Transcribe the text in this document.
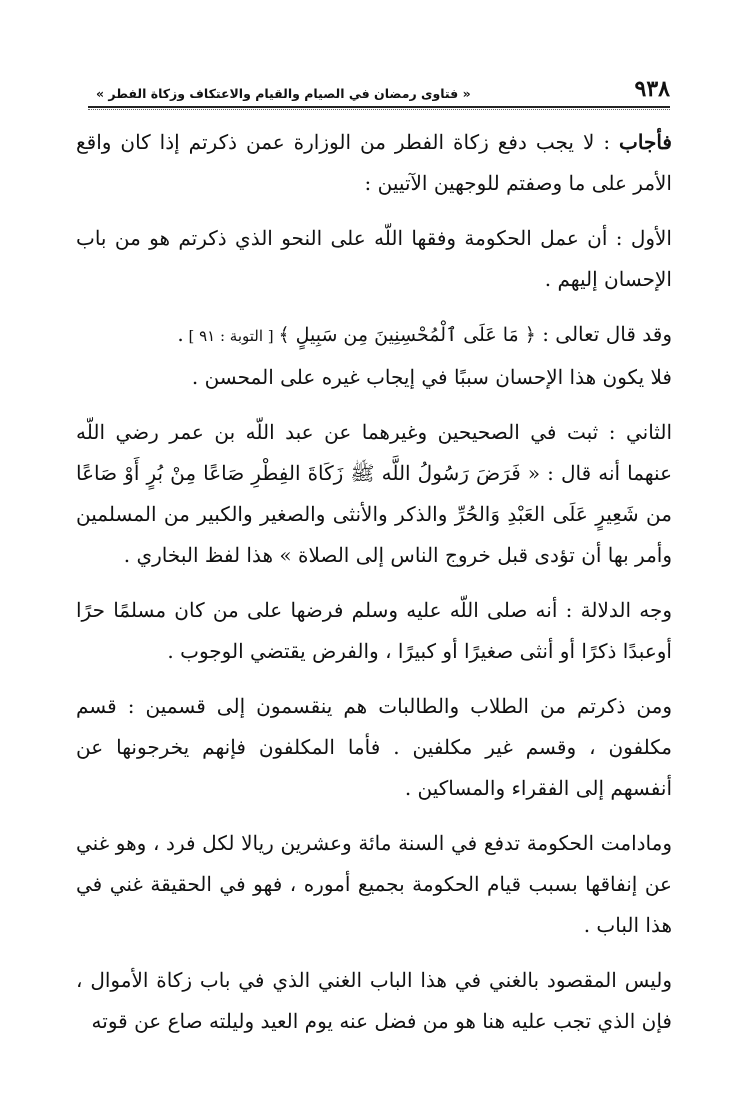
٩٣٨
« فتاوى رمضان في الصيام والقيام والاعتكاف وزكاة الفطر »

فأجاب : لا يجب دفع زكاة الفطر من الوزارة عمن ذكرتم إذا كان واقع الأمر على ما وصفتم للوجهين الآتيين :

الأول : أن عمل الحكومة وفقها اللّه على النحو الذي ذكرتم هو من باب الإحسان إليهم .

وقد قال تعالى : ﴿ مَا عَلَى ٱلْمُحْسِنِينَ مِن سَبِيلٍ ﴾ [ التوبة : ٩١ ] .

فلا يكون هذا الإحسان سببًا في إيجاب غيره على المحسن .

الثاني : ثبت في الصحيحين وغيرهما عن عبد اللّه بن عمر رضي اللّه عنهما أنه قال : « فَرَضَ رَسُولُ اللَّه ﷺ زَكَاةَ الفِطْرِ صَاعًا مِنْ بُرٍ أَوْ صَاعًا من شَعِيرٍ عَلَى العَبْدِ وَالحُرِّ والذكر والأنثى والصغير والكبير من المسلمين وأمر بها أن تؤدى قبل خروج الناس إلى الصلاة » هذا لفظ البخاري .

وجه الدلالة : أنه صلى اللّه عليه وسلم فرضها على من كان مسلمًا حرًا أوعبدًا ذكرًا أو أنثى صغيرًا أو كبيرًا ، والفرض يقتضي الوجوب .

ومن ذكرتم من الطلاب والطالبات هم ينقسمون إلى قسمين : قسم مكلفون ، وقسم غير مكلفين . فأما المكلفون فإنهم يخرجونها عن أنفسهم إلى الفقراء والمساكين .

ومادامت الحكومة تدفع في السنة مائة وعشرين ريالا لكل فرد ، وهو غني عن إنفاقها بسبب قيام الحكومة بجميع أموره ، فهو في الحقيقة غني في هذا الباب .

وليس المقصود بالغني في هذا الباب الغني الذي في باب زكاة الأموال ، فإن الذي تجب عليه هنا هو من فضل عنه يوم العيد وليلته صاع عن قوته
